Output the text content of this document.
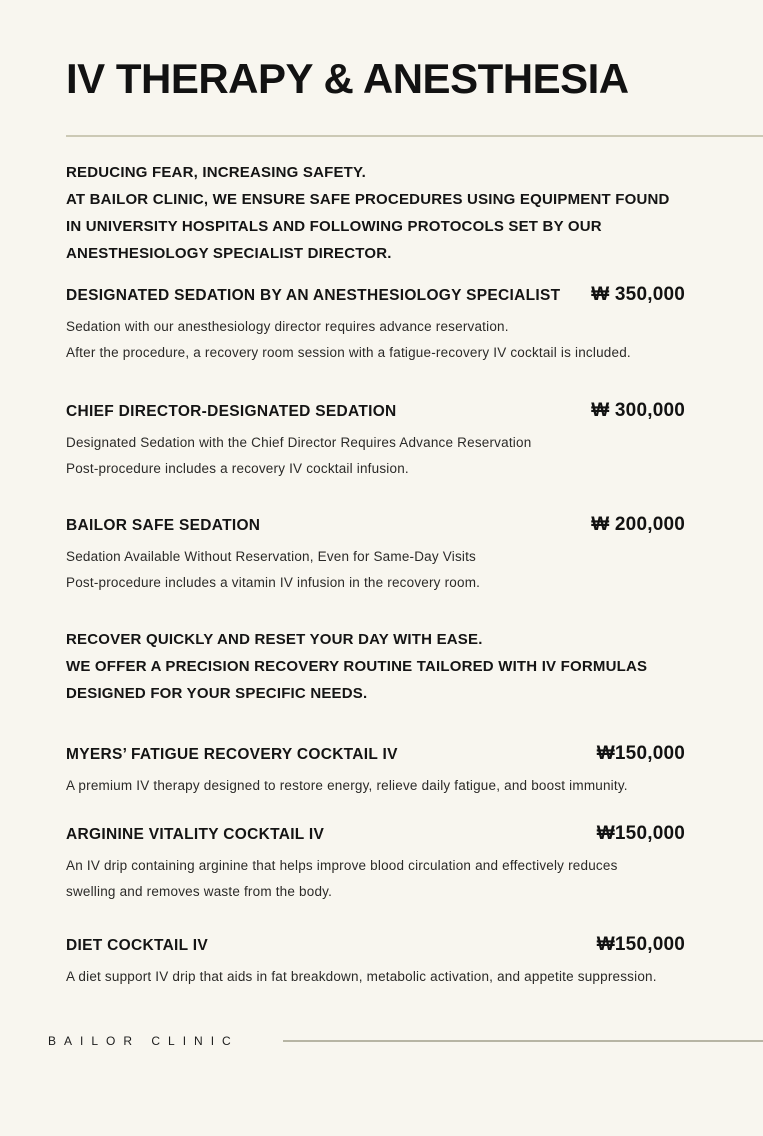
IV THERAPY & ANESTHESIA
REDUCING FEAR, INCREASING SAFETY.
AT BAILOR CLINIC, WE ENSURE SAFE PROCEDURES USING EQUIPMENT FOUND
IN UNIVERSITY HOSPITALS AND FOLLOWING PROTOCOLS SET BY OUR
ANESTHESIOLOGY SPECIALIST DIRECTOR.
DESIGNATED SEDATION BY AN ANESTHESIOLOGY SPECIALIST ₩ 350,000
Sedation with our anesthesiology director requires advance reservation.
After the procedure, a recovery room session with a fatigue-recovery IV cocktail is included.
CHIEF DIRECTOR-DESIGNATED SEDATION	₩ 300,000
Designated Sedation with the Chief Director Requires Advance Reservation
Post-procedure includes a recovery IV cocktail infusion.
BAILOR SAFE SEDATION	₩ 200,000
Sedation Available Without Reservation, Even for Same-Day Visits
Post-procedure includes a vitamin IV infusion in the recovery room.
RECOVER QUICKLY AND RESET YOUR DAY WITH EASE.
WE OFFER A PRECISION RECOVERY ROUTINE TAILORED WITH IV FORMULAS
DESIGNED FOR YOUR SPECIFIC NEEDS.
MYERS’ FATIGUE RECOVERY COCKTAIL IV	₩150,000
A premium IV therapy designed to restore energy, relieve daily fatigue, and boost immunity.
ARGININE VITALITY COCKTAIL IV	₩150,000
An IV drip containing arginine that helps improve blood circulation and effectively reduces
swelling and removes waste from the body.
DIET COCKTAIL IV	₩150,000
A diet support IV drip that aids in fat breakdown, metabolic activation, and appetite suppression.
BAILOR CLINIC
